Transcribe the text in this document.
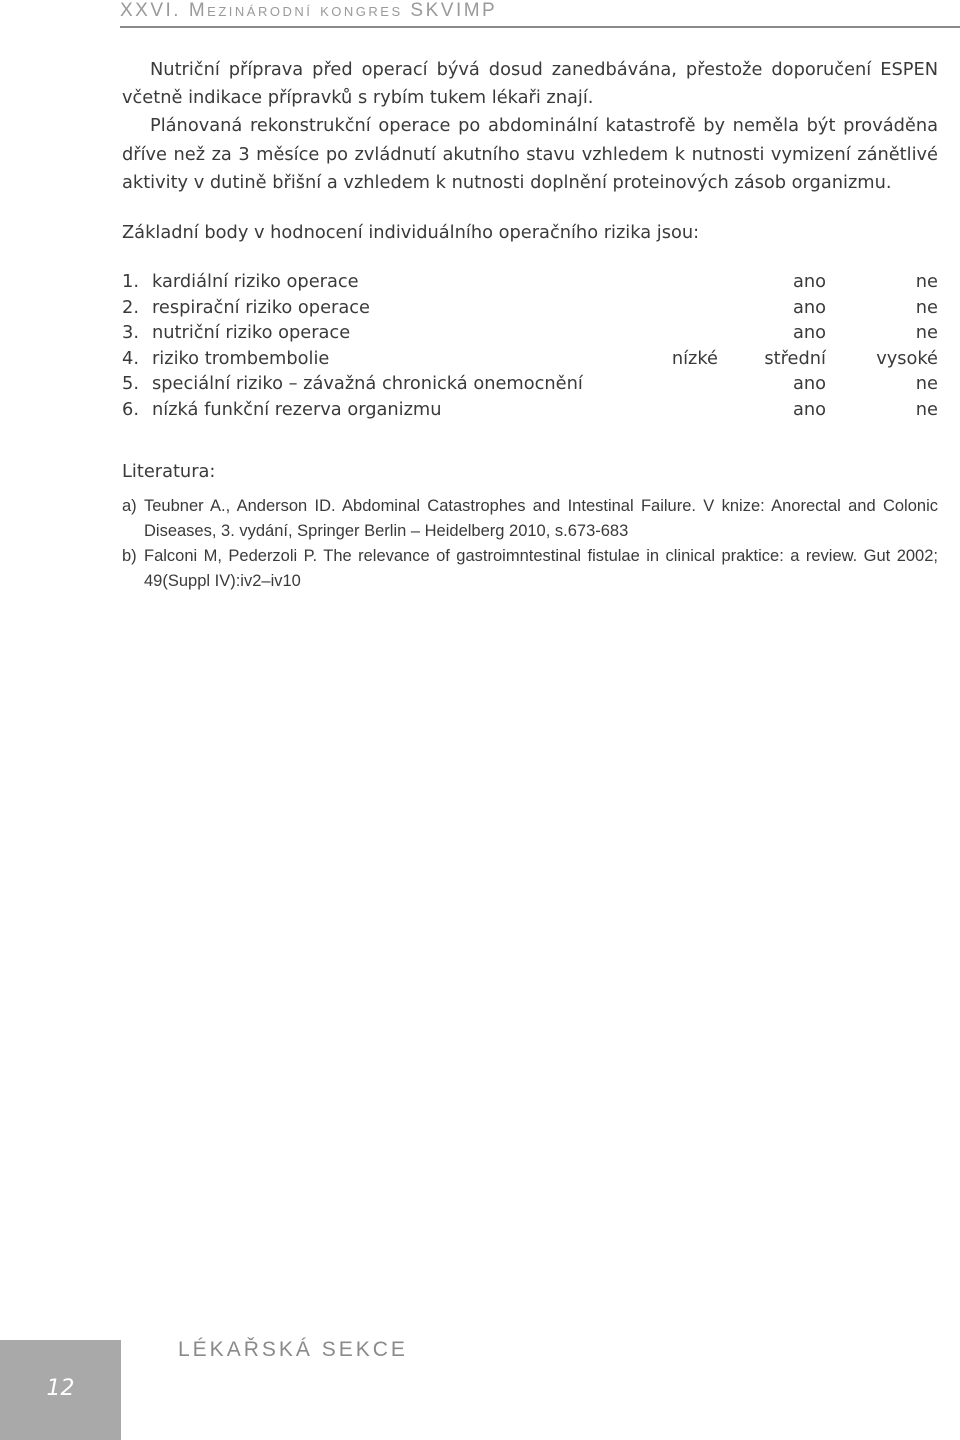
XXVI. Mezinárodní kongres SKVIMP

Nutriční příprava před operací bývá dosud zanedbávána, přestože doporučení ESPEN včetně indikace přípravků s rybím tukem lékaři znají.

Plánovaná rekonstrukční operace po abdominální katastrofě by neměla být prováděna dříve než za 3 měsíce po zvládnutí akutního stavu vzhledem k nutnosti vymizení zánětlivé aktivity v dutině břišní a vzhledem k nutnosti doplnění proteinových zásob organizmu.

Základní body v hodnocení individuálního operačního rizika jsou:

1. kardiální riziko operace	ano	ne
2. respirační riziko operace	ano	ne
3. nutriční riziko operace	ano	ne
4. riziko trombembolie	nízké	střední	vysoké
5. speciální riziko – závažná chronická onemocnění	ano	ne
6. nízká funkční rezerva organizmu	ano	ne

Literatura:

a) Teubner A., Anderson ID. Abdominal Catastrophes and Intestinal Failure. V knize: Anorectal and Colonic Diseases, 3. vydání, Springer Berlin – Heidelberg 2010, s.673-683
b) Falconi M, Pederzoli P. The relevance of gastroimntestinal fistulae in clinical praktice: a review. Gut 2002; 49(Suppl IV):iv2–iv10
12
LÉKAŘSKÁ SEKCE
